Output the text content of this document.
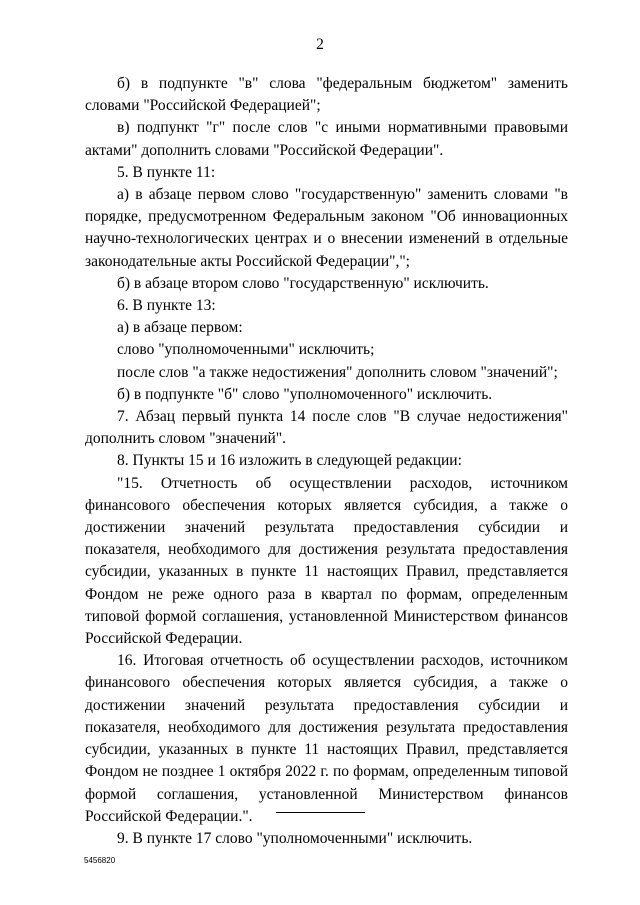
2

б) в подпункте "в" слова "федеральным бюджетом" заменить словами "Российской Федерацией";

в) подпункт "г" после слов "с иными нормативными правовыми актами" дополнить словами "Российской Федерации".

5. В пункте 11:

а) в абзаце первом слово "государственную" заменить словами "в порядке, предусмотренном Федеральным законом "Об инновационных научно-технологических центрах и о внесении изменений в отдельные законодательные акты Российской Федерации",";

б) в абзаце втором слово "государственную" исключить.

6. В пункте 13:

а) в абзаце первом:

слово "уполномоченными" исключить;

после слов "а также недостижения" дополнить словом "значений";

б) в подпункте "б" слово "уполномоченного" исключить.

7. Абзац первый пункта 14 после слов "В случае недостижения" дополнить словом "значений".

8. Пункты 15 и 16 изложить в следующей редакции:

"15. Отчетность об осуществлении расходов, источником финансового обеспечения которых является субсидия, а также о достижении значений результата предоставления субсидии и показателя, необходимого для достижения результата предоставления субсидии, указанных в пункте 11 настоящих Правил, представляется Фондом не реже одного раза в квартал по формам, определенным типовой формой соглашения, установленной Министерством финансов Российской Федерации.

16. Итоговая отчетность об осуществлении расходов, источником финансового обеспечения которых является субсидия, а также о достижении значений результата предоставления субсидии и показателя, необходимого для достижения результата предоставления субсидии, указанных в пункте 11 настоящих Правил, представляется Фондом не позднее 1 октября 2022 г. по формам, определенным типовой формой соглашения, установленной Министерством финансов Российской Федерации.".

9. В пункте 17 слово "уполномоченными" исключить.

5456820
